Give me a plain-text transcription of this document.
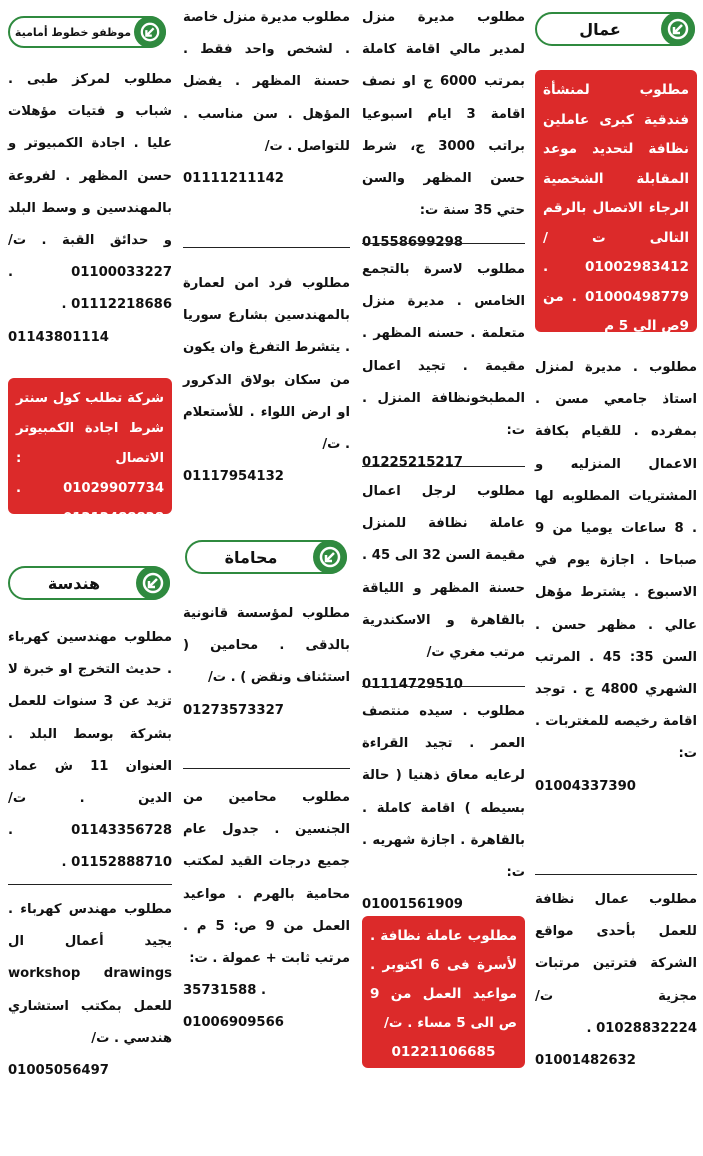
عمال
مطلوب لمنشأة فندقية كبرى عاملين نظافة لتحديد موعد المقابلة الشخصية الرجاء الاتصال بالرقم التالى ت / 01002983412 . 01000498779 . من 9ص الى 5 م

مطلوب . مديرة لمنزل استاذ جامعي مسن . بمفرده . للقيام بكافة الاعمال المنزليه و المشتريات المطلوبه لها . 8 ساعات يوميا من 9 صباحا . اجازة يوم في الاسبوع . يشترط مؤهل عالي . مظهر حسن . السن 35: 45 . المرتب الشهري 4800 ج . توجد اقامة رخيصه للمغتربات . ت:

01004337390

مطلوب عمال نظافة للعمل بأحدى مواقع الشركة فترتين مرتبات مجزية ت/ 01028832224 .

01001482632

مطلوب مديرة منزل لمدير مالي اقامة كاملة بمرتب 6000 ج او نصف اقامة 3 ايام اسبوعيا براتب 3000 ج، شرط حسن المظهر والسن حتي 35 سنة ت:

01558699298

مطلوب لاسرة بالتجمع الخامس . مديرة منزل متعلمة . حسنه المظهر . مقيمة . تجيد اعمال المطبخونظافة المنزل . ت:

01225215217

مطلوب لرجل اعمال عاملة نظافة للمنزل مقيمة السن 32 الى 45 . حسنة المظهر و اللياقة بالقاهرة و الاسكندرية مرتب مغري ت/

01114729510

مطلوب . سيده منتصف العمر . تجيد القراءة لرعايه معاق ذهنيا ( حالة بسيطه ) اقامة كاملة . بالقاهرة . اجازة شهريه . ت:

01001561909

مطلوب عاملة نظافة . لأسرة فى 6 اكتوبر . مواعيد العمل من 9 ص الى 5 مساء . ت/

01221106685

مطلوب مديرة منزل خاصة . لشخص واحد فقط . حسنة المظهر . يفضل المؤهل . سن مناسب . للتواصل . ت/

01111211142

مطلوب فرد امن لعمارة بالمهندسين بشارع سوريا . يتشرط التفرغ وان يكون من سكان بولاق الدكرور او ارض اللواء . للأستعلام . ت/

01117954132
محاماة

مطلوب لمؤسسة قانونية بالدقى . محامين ( استئناف ونقض ) . ت/

01273573327

مطلوب محامين من الجنسين . جدول عام جميع درجات القيد لمكتب محامية بالهرم . مواعيد العمل من 9 ص: 5 م . مرتب ثابت + عمولة . ت:

35731588 . 01006909566
موظفو خطوط أمامية

مطلوب لمركز طبى . شباب و فتيات مؤهلات عليا . اجادة الكمبيوتر و حسن المظهر . لفروعة بالمهندسين و وسط البلد و حدائق القبة . ت/ 01100033227 . 01112218686 .

01143801114
شركة تطلب كول سنتر شرط اجادة الكمبيوتر الاتصال : 01029907734 . 01212488828 -
هندسة

مطلوب مهندسين كهرباء . حديث التخرج او خبرة لا تزيد عن 3 سنوات للعمل بشركة بوسط البلد . العنوان 11 ش عماد الدين . ت/ 01143356728 . 01152888710 .

مطلوب مهندس كهرباء . يجيد أعمال ال workshop drawings للعمل بمكتب استشاري هندسي . ت/

01005056497
